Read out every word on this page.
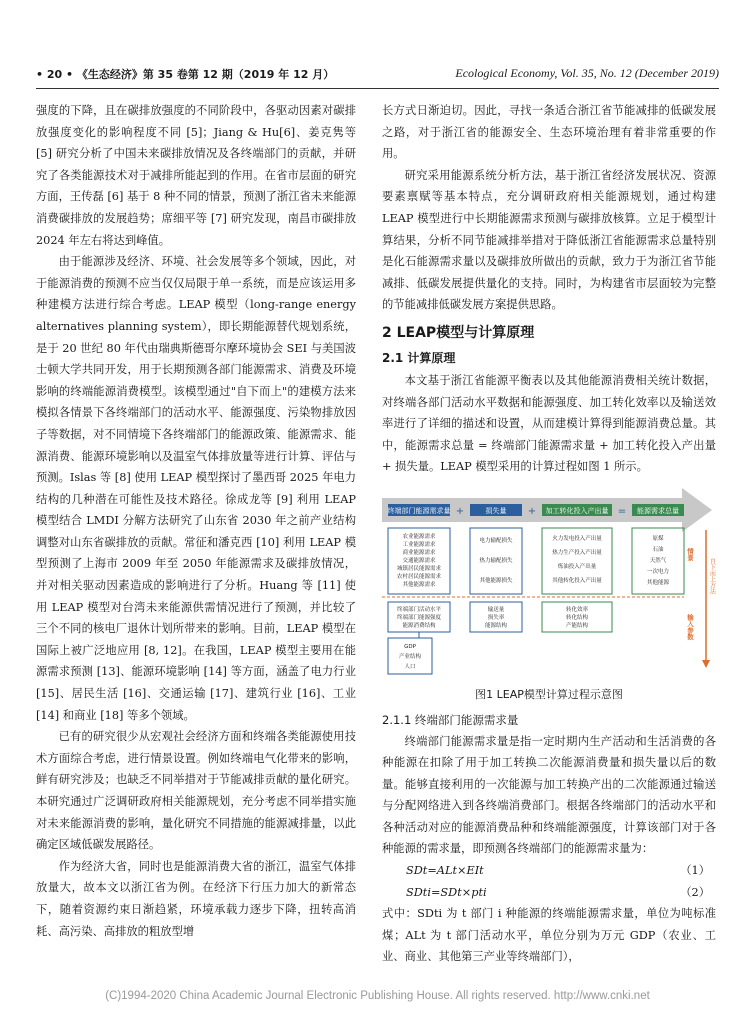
• 20 • 《生态经济》第 35 卷第 12 期（2019 年 12 月）	Ecological Economy, Vol. 35, No. 12 (December 2019)

强度的下降，且在碳排放强度的不同阶段中，各驱动因素对碳排放强度变化的影响程度不同 [5]；Jiang & Hu[6]、姜克隽等 [5] 研究分析了中国未来碳排放情况及各终端部门的贡献，并研究了各类能源技术对于减排所能起到的作用。在省市层面的研究方面，王传磊 [6] 基于 8 种不同的情景，预测了浙江省未来能源消费碳排放的发展趋势；席细平等 [7] 研究发现，南昌市碳排放 2024 年左右将达到峰值。

由于能源涉及经济、环境、社会发展等多个领域，因此，对于能源消费的预测不应当仅仅局限于单一系统，而是应该运用多种建模方法进行综合考虑。LEAP 模型（long-range energy alternatives planning system），即长期能源替代规划系统，是于 20 世纪 80 年代由瑞典斯德哥尔摩环境协会 SEI 与美国波士顿大学共同开发，用于长期预测各部门能源需求、消费及环境影响的终端能源消费模型。该模型通过"自下而上"的建模方法来模拟各情景下各终端部门的活动水平、能源强度、污染物排放因子等数据，对不同情境下各终端部门的能源政策、能源需求、能源消费、能源环境影响以及温室气体排放量等进行计算、评估与预测。Islas 等 [8] 使用 LEAP 模型探讨了墨西哥 2025 年电力结构的几种潜在可能性及技术路径。徐成龙等 [9] 利用 LEAP 模型结合 LMDI 分解方法研究了山东省 2030 年之前产业结构调整对山东省碳排放的贡献。常征和潘克西 [10] 利用 LEAP 模型预测了上海市 2009 年至 2050 年能源需求及碳排放情况，并对相关驱动因素造成的影响进行了分析。Huang 等 [11] 使用 LEAP 模型对台湾未来能源供需情况进行了预测，并比较了三个不同的核电厂退休计划所带来的影响。目前，LEAP 模型在国际上被广泛地应用 [8, 12]。在我国，LEAP 模型主要用在能源需求预测 [13]、能源环境影响 [14] 等方面，涵盖了电力行业 [15]、居民生活 [16]、交通运输 [17]、建筑行业 [16]、工业 [14] 和商业 [18] 等多个领域。

已有的研究很少从宏观社会经济方面和终端各类能源使用技术方面综合考虑，进行情景设置。例如终端电气化带来的影响，鲜有研究涉及；也缺乏不同举措对于节能减排贡献的量化研究。本研究通过广泛调研政府相关能源规划，充分考虑不同举措实施对未来能源消费的影响，量化研究不同措施的能源减排量，以此确定区域低碳发展路径。

作为经济大省，同时也是能源消费大省的浙江，温室气体排放量大，故本文以浙江省为例。在经济下行压力加大的新常态下，随着资源约束日渐趋紧，环境承载力逐步下降，扭转高消耗、高污染、高排放的粗放型增

长方式日渐迫切。因此，寻找一条适合浙江省节能减排的低碳发展之路，对于浙江省的能源安全、生态环境治理有着非常重要的作用。

研究采用能源系统分析方法，基于浙江省经济发展状况、资源要素禀赋等基本特点，充分调研政府相关能源规划，通过构建 LEAP 模型进行中长期能源需求预测与碳排放核算。立足于模型计算结果，分析不同节能减排举措对于降低浙江省能源需求总量特别是化石能源需求量以及碳排放所做出的贡献，致力于为浙江省节能减排、低碳发展提供量化的支持。同时，为构建省市层面较为完整的节能减排低碳发展方案提供思路。

2 LEAP模型与计算原理
2.1 计算原理

本文基于浙江省能源平衡表以及其他能源消费相关统计数据，对终端各部门活动水平数据和能源强度、加工转化效率以及输送效率进行了详细的描述和设置，从而建模计算得到能源消费总量。其中，能源需求总量 = 终端部门能源需求量 + 加工转化投入产出量 + 损失量。LEAP 模型采用的计算过程如图 1 所示。

终端部门能源需求量 +	损失量 + 加工转化投入产出量 = 能源需求总量
农业能源需求
工业能源需求
商业能源需求
交通能源需求
城镇居民能源需求
农村居民能源需求
其他能源需求
电力输配损失
热力输配损失
其他能源损失
火力发电投入产出量
热力生产投入产出量
炼油投入产出量
其他转化投入产出量
原煤
石油
天然气
一次电力
其他能源
终端部门活动水平
终端部门能源强度
能源消费结构
输送量
损失率
能源结构
转化效率
转化结构
产能结构
GDP
产业结构
人口
情景
输入参数
自下而上方法
图1 LEAP模型计算过程示意图
2.1.1 终端部门能源需求量

终端部门能源需求量是指一定时期内生产活动和生活消费的各种能源在扣除了用于加工转换二次能源消费量和损失量以后的数量。能够直接利用的一次能源与加工转换产出的二次能源通过输送与分配网络进入到各终端消费部门。根据各终端部门的活动水平和各种活动对应的能源消费品种和终端能源强度，计算该部门对于各种能源的需求量，即预测各终端部门的能源需求量为：

SDt=ALt×EIt	（1）
SDti=SDt×pti	（2）

式中：SDti 为 t 部门 i 种能源的终端能源需求量，单位为吨标准煤；ALt 为 t 部门活动水平，单位分别为万元 GDP（农业、工业、商业、其他第三产业等终端部门），

(C)1994-2020 China Academic Journal Electronic Publishing House. All rights reserved. http://www.cnki.net
